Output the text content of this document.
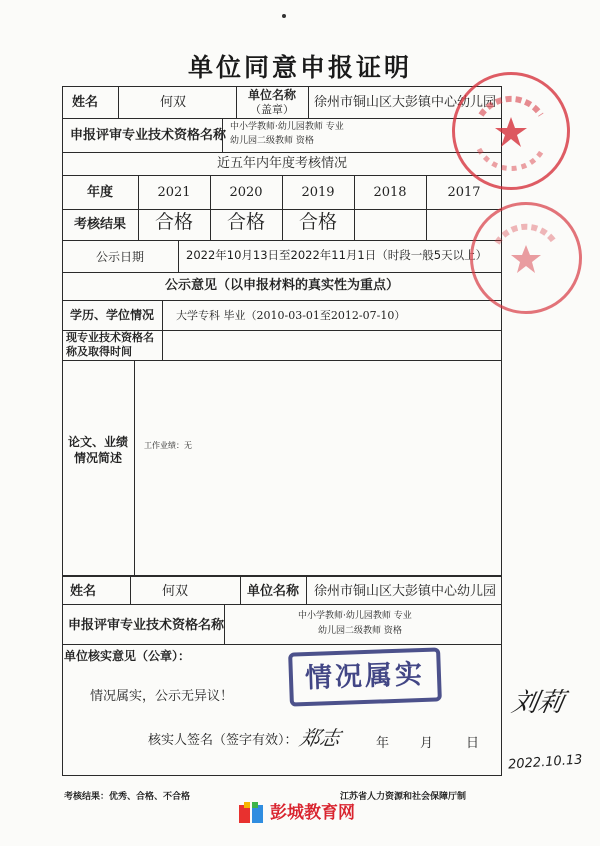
单位同意申报证明
姓名	何双	单位名称
（盖章）	徐州市铜山区大彭镇中心幼儿园
申报评审专业技术资格名称
中小学教师·幼儿园教师 专业
幼儿园二级教师 资格
近五年内年度考核情况
年度	2021	2020	2019	2018	2017
考核结果	合格	合格	合格
公示日期	2022年10月13日至2022年11月1日（时段一般5天以上）
公示意见（以申报材料的真实性为重点）
学历、学位情况	大学专科 毕业（2010-03-01至2012-07-10）
现专业技术资格名
称及取得时间
论文、业绩
情况简述
工作业绩：无
姓名	何双	单位名称	徐州市铜山区大彭镇中心幼儿园
申报评审专业技术资格名称
中小学教师·幼儿园教师 专业
幼儿园二级教师 资格
单位核实意见（公章）：
情况属实，公示无异议！
核实人签名（签字有效）： 郑志	年 月	日
情况属实
考核结果：优秀、合格、不合格	江苏省人力资源和社会保障厅制
刘莉
2022.10.13
彭城教育网
